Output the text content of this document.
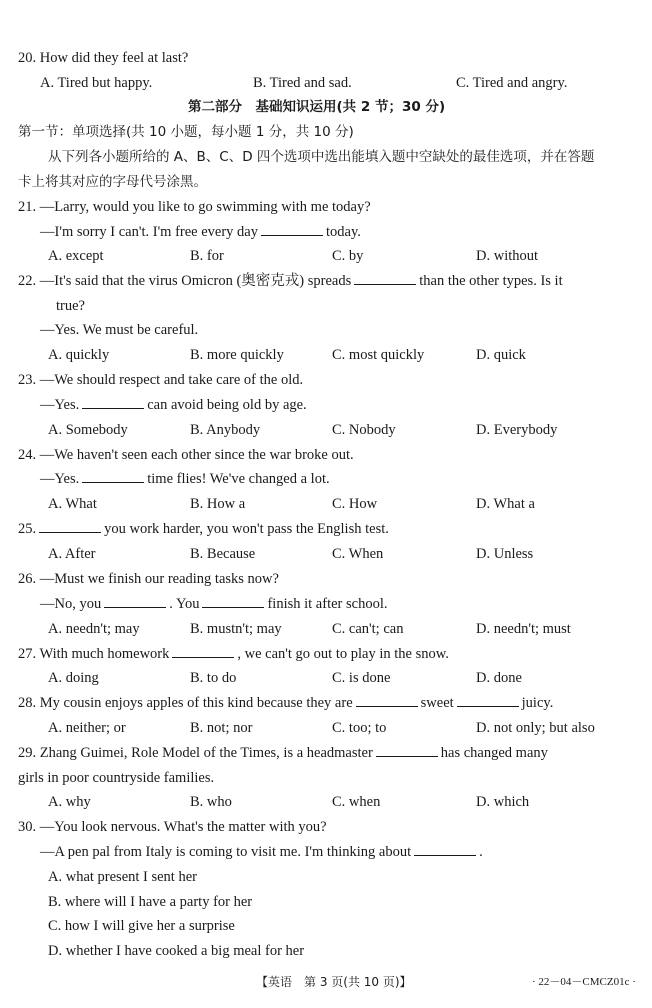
20. How did they feel at last?
A. Tired but happy.	B. Tired and sad.	C. Tired and angry.
第二部分　基础知识运用(共 2 节；30 分)
第一节：单项选择(共 10 小题，每小题 1 分，共 10 分)
从下列各小题所给的 A、B、C、D 四个选项中选出能填入题中空缺处的最佳选项，并在答题
卡上将其对应的字母代号涂黑。
21. —Larry, would you like to go swimming with me today?
—I'm sorry I can't. I'm free every day	today.
A. except	B. for	C. by	D. without
22. —It's said that the virus Omicron (奥密克戎) spreads	than the other types. Is it
true?
—Yes. We must be careful.
A. quickly	B. more quickly	C. most quickly	D. quick
23. —We should respect and take care of the old.
—Yes.	can avoid being old by age.
A. Somebody	B. Anybody	C. Nobody	D. Everybody
24. —We haven't seen each other since the war broke out.
—Yes.	time flies! We've changed a lot.
A. What	B. How a	C. How	D. What a
25.	you work harder, you won't pass the English test.
A. After	B. Because	C. When	D. Unless
26. —Must we finish our reading tasks now?
—No, you	. You	finish it after school.
A. needn't; may	B. mustn't; may	C. can't; can	D. needn't; must
27. With much homework	, we can't go out to play in the snow.
A. doing	B. to do	C. is done	D. done
28. My cousin enjoys apples of this kind because they are	sweet	juicy.
A. neither; or	B. not; nor	C. too; to	D. not only; but also
29. Zhang Guimei, Role Model of the Times, is a headmaster	has changed many
girls in poor countryside families.
A. why	B. who	C. when	D. which
30. —You look nervous. What's the matter with you?
—A pen pal from Italy is coming to visit me. I'm thinking about	.
A. what present I sent her
B. where will I have a party for her
C. how I will give her a surprise
D. whether I have cooked a big meal for her
【英语　第 3 页(共 10 页)】	· 22－04－CMCZ01c ·
